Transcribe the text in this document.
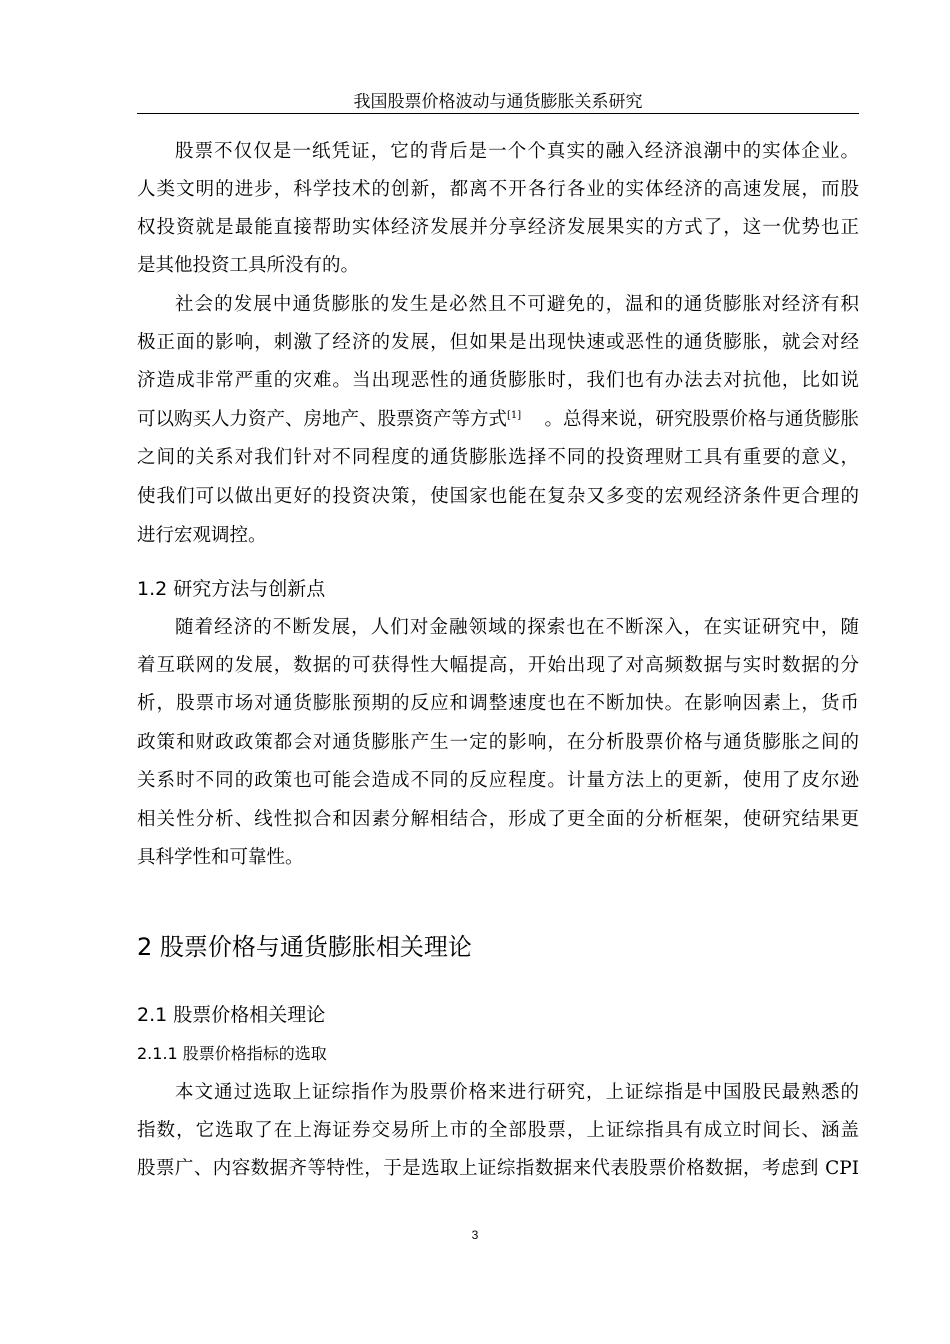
我国股票价格波动与通货膨胀关系研究
股票不仅仅是一纸凭证，它的背后是一个个真实的融入经济浪潮中的实体企业。
人类文明的进步，科学技术的创新，都离不开各行各业的实体经济的高速发展，而股
权投资就是最能直接帮助实体经济发展并分享经济发展果实的方式了，这一优势也正
是其他投资工具所没有的。
社会的发展中通货膨胀的发生是必然且不可避免的，温和的通货膨胀对经济有积
极正面的影响，刺激了经济的发展，但如果是出现快速或恶性的通货膨胀，就会对经
济造成非常严重的灾难。当出现恶性的通货膨胀时，我们也有办法去对抗他，比如说
可以购买人力资产、房地产、股票资产等方式[1] 。总得来说，研究股票价格与通货膨胀
之间的关系对我们针对不同程度的通货膨胀选择不同的投资理财工具有重要的意义，
使我们可以做出更好的投资决策，使国家也能在复杂又多变的宏观经济条件更合理的
进行宏观调控。
1.2 研究方法与创新点
随着经济的不断发展，人们对金融领域的探索也在不断深入，在实证研究中，随
着互联网的发展，数据的可获得性大幅提高，开始出现了对高频数据与实时数据的分
析，股票市场对通货膨胀预期的反应和调整速度也在不断加快。在影响因素上，货币
政策和财政政策都会对通货膨胀产生一定的影响，在分析股票价格与通货膨胀之间的
关系时不同的政策也可能会造成不同的反应程度。计量方法上的更新，使用了皮尔逊
相关性分析、线性拟合和因素分解相结合，形成了更全面的分析框架，使研究结果更
具科学性和可靠性。
2 股票价格与通货膨胀相关理论
2.1 股票价格相关理论
2.1.1 股票价格指标的选取
本文通过选取上证综指作为股票价格来进行研究，上证综指是中国股民最熟悉的
指数，它选取了在上海证券交易所上市的全部股票，上证综指具有成立时间长、涵盖
股票广、内容数据齐等特性，于是选取上证综指数据来代表股票价格数据，考虑到 CPI
3
